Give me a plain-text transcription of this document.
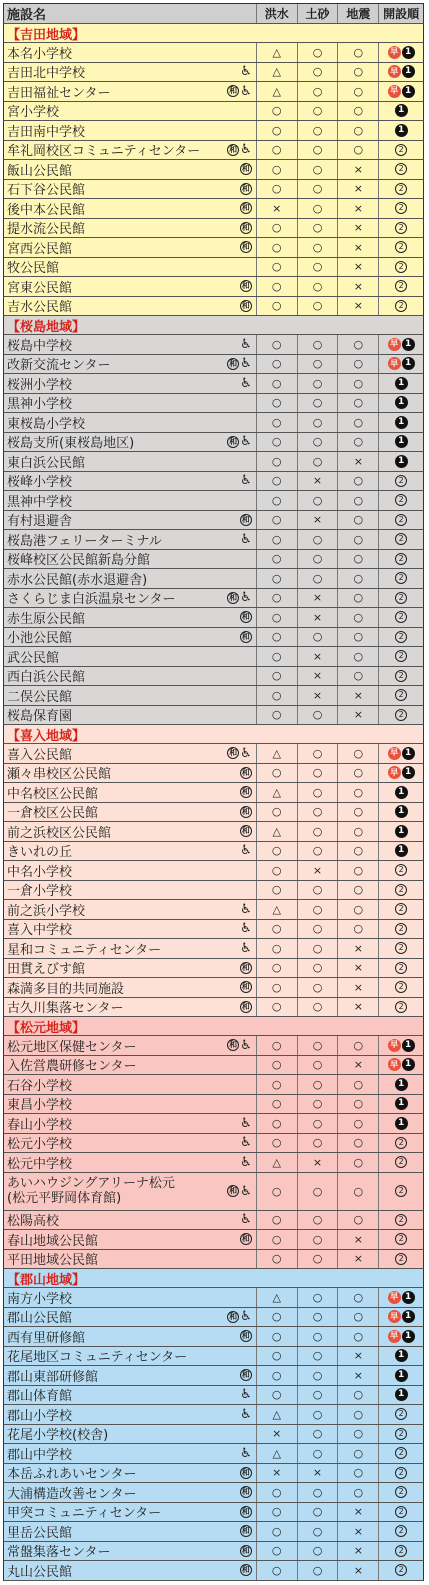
施設名	洪水	土砂	地震	開設順
【吉田地域】
本名小学校	△	○	○	早 1
吉田北中学校	♿	△	○	○	早 1
吉田福祉センター	和 ♿	△	○	○	早 1
宮小学校	○	○	○	1
吉田南中学校	○	○	○	1
牟礼岡校区コミュニティセンター	和 ♿	○	○	○	2
飯山公民館	和	○	○	×	2
石下谷公民館	和	○	○	×	2
後中本公民館	和	×	○	×	2
提水流公民館	和	○	○	×	2
宮西公民館	和	○	○	×	2
牧公民館	○	○	×	2
宮東公民館	和	○	○	×	2
吉水公民館	和	○	○	×	2
【桜島地域】
桜島中学校	♿	○	○	○	早 1
改新交流センター	和 ♿	○	○	○	早 1
桜洲小学校	♿	○	○	○	1
黒神小学校	○	○	○	1
東桜島小学校	○	○	○	1
桜島支所(東桜島地区)	和 ♿	○	○	○	1
東白浜公民館	○	○	×	1
桜峰小学校	♿	○	×	○	2
黒神中学校	○	○	○	2
有村退避舎	和	○	×	○	2
桜島港フェリーターミナル	♿	○	○	○	2
桜峰校区公民館新島分館	○	○	○	2
赤水公民館(赤水退避舎)	○	○	○	2
さくらじま白浜温泉センター	和 ♿	○	×	○	2
赤生原公民館	和	○	×	○	2
小池公民館	和	○	○	○	2
武公民館	○	×	○	2
西白浜公民館	○	×	○	2
二俣公民館	○	×	×	2
桜島保育園	○	○	×	2
【喜入地域】
喜入公民館	和 ♿	△	○	○	早 1
瀬々串校区公民館	和	○	○	○	早 1
中名校区公民館	和	△	○	○	1
一倉校区公民館	和	○	○	○	1
前之浜校区公民館	和	△	○	○	1
きいれの丘	♿	○	○	○	1
中名小学校	○	×	○	2
一倉小学校	○	○	○	2
前之浜小学校	♿	△	○	○	2
喜入中学校	♿	○	○	○	2
星和コミュニティセンター	♿	○	○	×	2
田貫えびす館	和	○	○	×	2
森満多目的共同施設	和	○	○	×	2
古久川集落センター	和	○	○	×	2
【松元地域】
松元地区保健センター	和 ♿	○	○	○	早 1
入佐営農研修センター	○	○	×	早 1
石谷小学校	○	○	○	1
東昌小学校	○	○	○	1
春山小学校	♿	○	○	○	1
松元小学校	♿	○	○	○	2
松元中学校	♿	△	×	○	2
あいハウジングアリーナ松元
(松元平野岡体育館)
和 ♿	○	○	○	2
松陽高校	♿	○	○	○	2
春山地域公民館	和	○	○	×	2
平田地域公民館	○	○	×	2
【郡山地域】
南方小学校	△	○	○	早 1
郡山公民館	和 ♿	○	○	○	早 1
西有里研修館	和	○	○	○	早 1
花尾地区コミュニティセンター	○	○	×	1
郡山東部研修館	和	○	○	×	1
郡山体育館	♿	○	○	○	1
郡山小学校	♿	△	○	○	2
花尾小学校(校舎)	×	○	○	2
郡山中学校	♿	△	○	○	2
本岳ふれあいセンター	和	×	×	○	2
大浦構造改善センター	和	○	○	○	2
甲突コミュニティセンター	和	○	○	×	2
里岳公民館	和	○	○	×	2
常盤集落センター	和	○	○	×	2
丸山公民館	和	○	○	×	2
